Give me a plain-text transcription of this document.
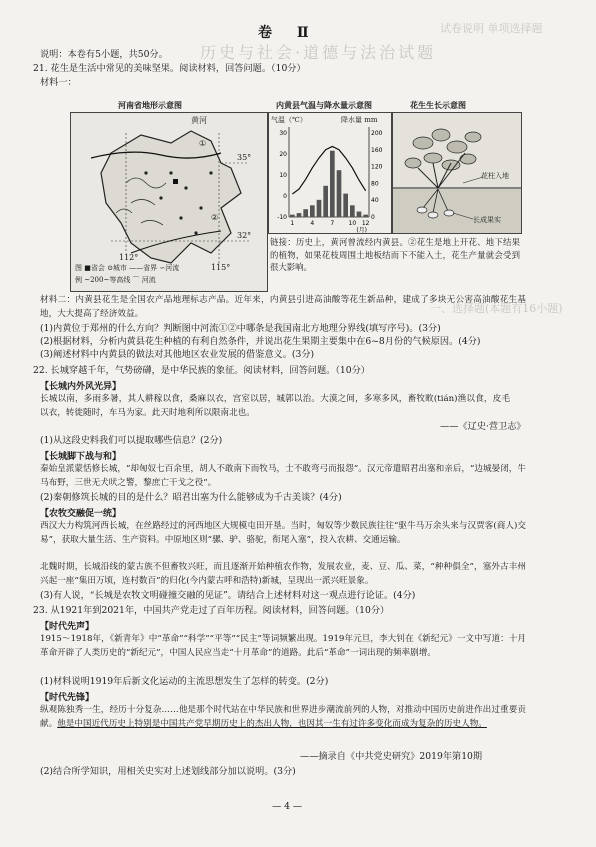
历史与社会·道德与法治试题
试卷说明 单项选择题
一、选择题(本题有16小题)
卷 Ⅱ
说明：本卷有5小题，共50分。
21. 花生是生活中常见的美味坚果。阅读材料，回答问题。（10分）
材料一：
河南省地形示意图
黄河
①
②
35°
32°
112°
115°
图 ■省会 ⊙城市 ——省界 ∽河流
例 ~200~等高线 ⌒ 河流
内黄县气温与降水量示意图
气温（℃）	降水量 mm
30
20
10
0
-10
200
160
120
80
40
0
1	4	7 10 12
(月)
花生生长示意图
花柱入地
长成果实
链接：历史上，黄河曾流经内黄县。②花生是地上开花、地下结果的植物，如果花枝周围土地板结而下不能入土，花生产量就会受到很大影响。
材料二：内黄县花生是全国农产品地理标志产品。近年来，内黄县引进高油酸等花生新品种，建成了多块无公害高油酸花生基地，大大提高了经济效益。
(1)内黄位于郑州的什么方向？判断图中河流①②中哪条是我国南北方地理分界线(填写序号)。(3分)
(2)根据材料，分析内黄县花生种植的有利自然条件，并说出花生果期主要集中在6~8月份的气候原因。(4分)
(3)阐述材料中内黄县的做法对其他地区农业发展的借鉴意义。(3分)
22. 长城穿越千年，气势磅礴，是中华民族的象征。阅读材料，回答问题。（10分）
【长城内外风光异】
长城以南，多雨多暑，其人耕稼以食，桑麻以衣，宫室以居，城郭以治。大漠之间，多寒多风，畜牧畋(tián)渔以食，皮毛以衣，转徙随时，车马为家。此天时地利所以限南北也。
——《辽史·营卫志》
(1)从这段史料我们可以提取哪些信息？(2分)
【长城脚下战与和】
秦始皇派蒙恬修长城，“却匈奴七百余里，胡人不敢南下而牧马，士不敢弯弓而报怨”。汉元帝遣昭君出塞和亲后，“边城晏闭，牛马布野，三世无犬吠之警，黎庶亡干戈之役”。
(2)秦朝修筑长城的目的是什么？昭君出塞为什么能够成为千古美谈？(4分)
【农牧交融促一统】
西汉大力构筑河西长城，在丝路经过的河西地区大规模屯田开垦。当时，匈奴等少数民族往往“驱牛马万余头来与汉贾客(商人)交易”，获取大量生活、生产资料。中原地区则“骡、驴、骆驼，衔尾入塞”，投入农耕、交通运输。
北魏时期，长城沿线的蒙古族不但畜牧兴旺，而且逐渐开始种植农作物，发展农业，麦、豆、瓜、菜，“种种俱全”，塞外古丰州兴起一座“集田万顷，连村数百”的归化(今内蒙古呼和浩特)新城，呈现出一派兴旺景象。
(3)有人说，“长城是农牧文明碰撞交融的见证”。请结合上述材料对这一观点进行论证。(4分)
23. 从1921年到2021年，中国共产党走过了百年历程。阅读材料，回答问题。（10分）
【时代先声】
1915～1918年，《新青年》中“革命”“科学”“平等”“民主”等词频繁出现。1919年元旦，李大钊在《新纪元》一文中写道：十月革命开辟了人类历史的“新纪元”，中国人民应当走“十月革命”的道路。此后“革命”一词出现的频率剧增。
(1)材料说明1919年后新文化运动的主流思想发生了怎样的转变。(2分)
【时代先锋】
纵观陈独秀一生，经历十分复杂……他是那个时代站在中华民族和世界进步潮流前列的人物，对推动中国历史前进作出过重要贡献。他是中国近代历史上特别是中国共产党早期历史上的杰出人物，也因其一生有过许多变化而成为复杂的历史人物。
——摘录自《中共党史研究》2019年第10期
(2)结合所学知识，用相关史实对上述划线部分加以说明。(3分)
— 4 —
